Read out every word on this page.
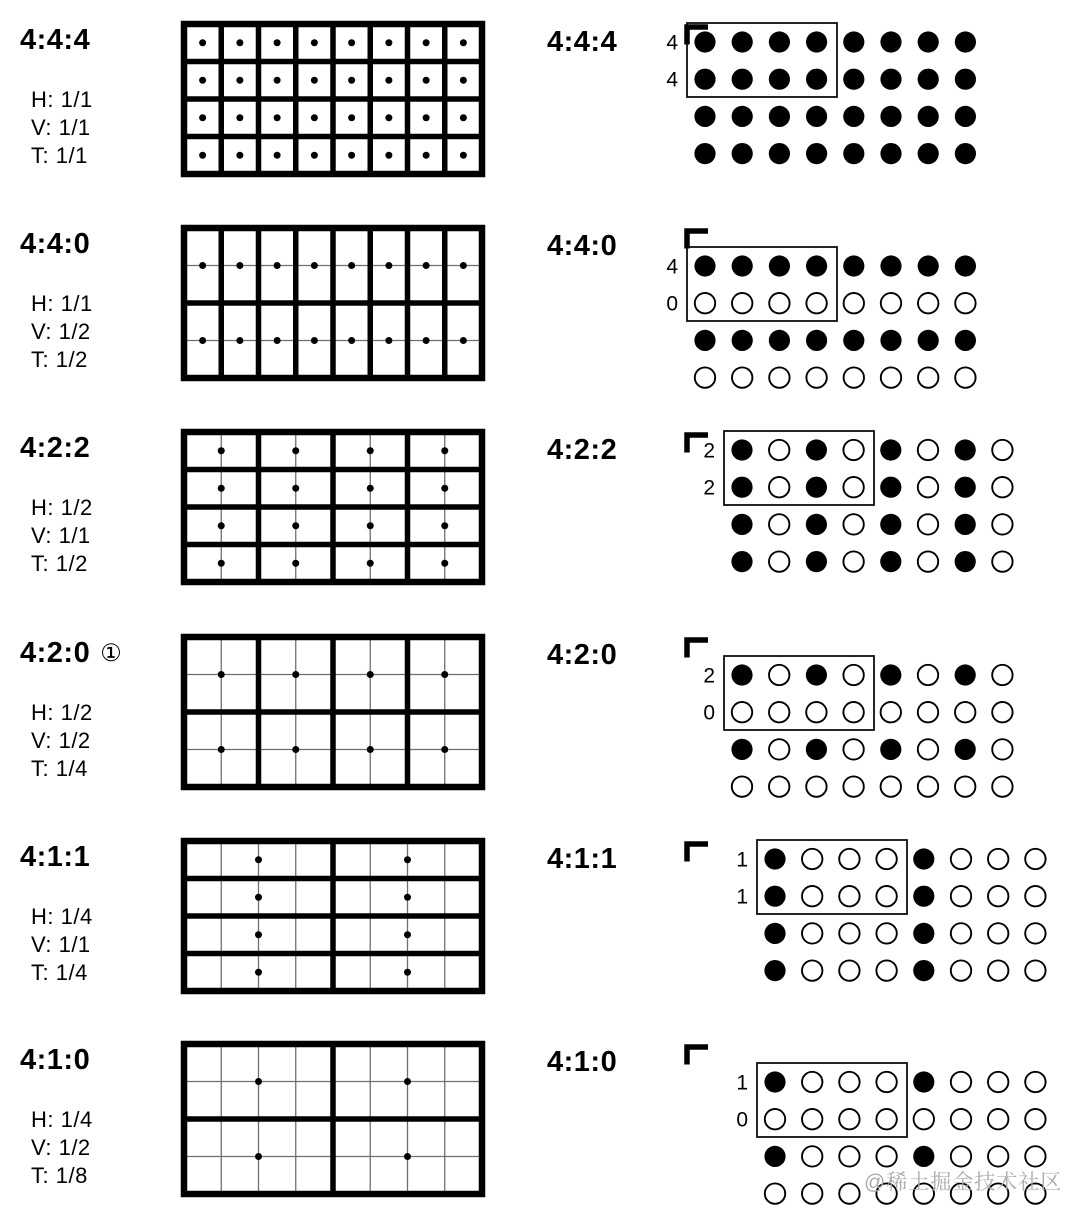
4:4:4
H: 1/1
V: 1/1
T: 1/1
4:4:4 4
4
4:4:0
H: 1/1
V: 1/2
T: 1/2
4:4:0
4
0
4:2:2
H: 1/2
V: 1/1
T: 1/2
4:2:2	2
2
4:2:0 ①
H: 1/2
V: 1/2
T: 1/4
4:2:0
2
0
4:1:1
H: 1/4
V: 1/1
T: 1/4
4:1:1	1
1
4:1:0
H: 1/4
V: 1/2
T: 1/8
4:1:0
1
0
@稀土掘金技术社区
